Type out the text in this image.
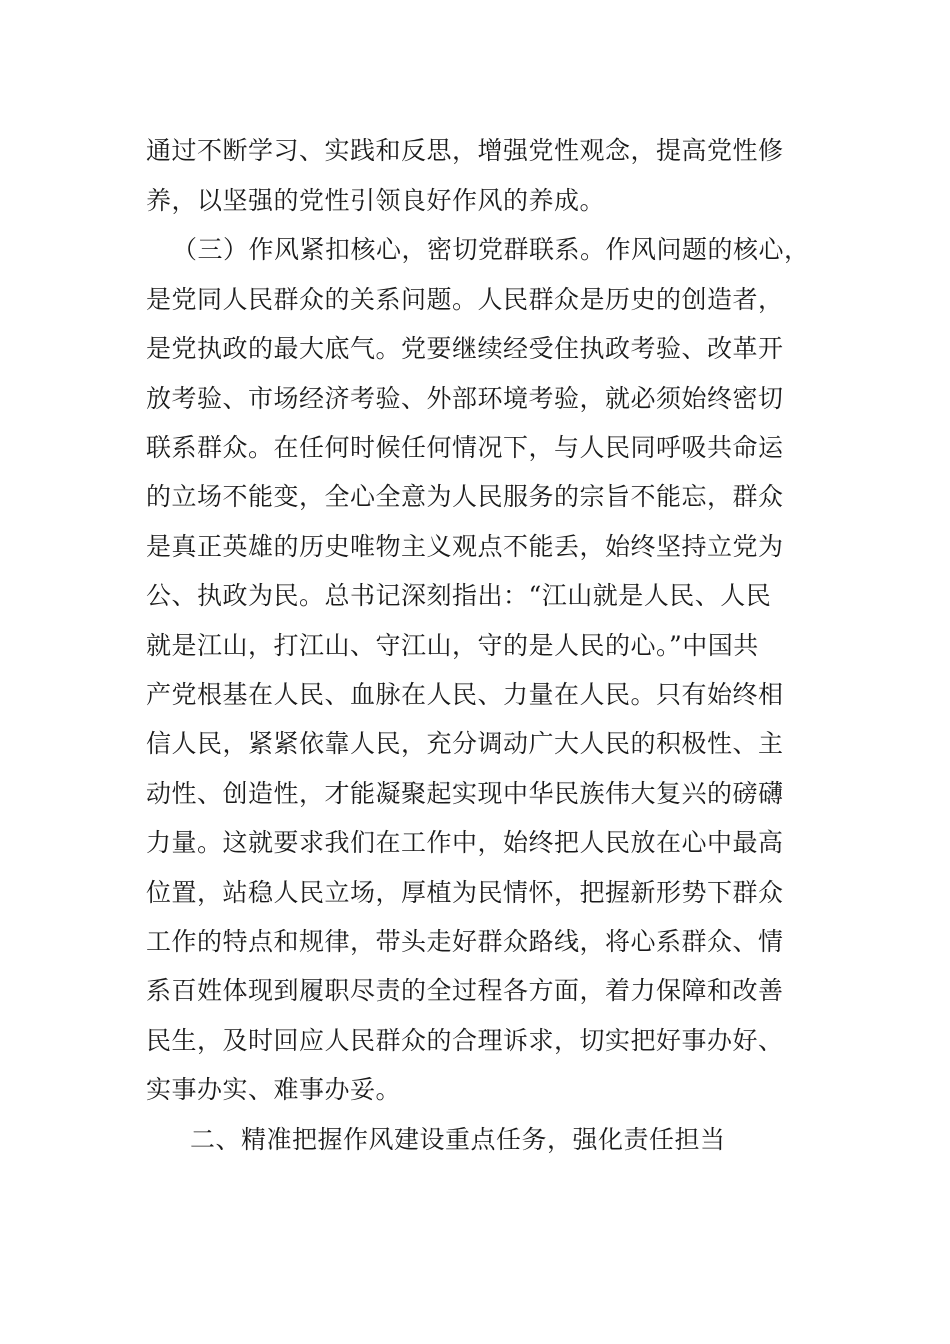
通过不断学习、实践和反思，增强党性观念，提高党性修
养，以坚强的党性引领良好作风的养成。
（三）作风紧扣核心，密切党群联系。作风问题的核心，
是党同人民群众的关系问题。人民群众是历史的创造者，
是党执政的最大底气。党要继续经受住执政考验、改革开
放考验、市场经济考验、外部环境考验，就必须始终密切
联系群众。在任何时候任何情况下，与人民同呼吸共命运
的立场不能变，全心全意为人民服务的宗旨不能忘，群众
是真正英雄的历史唯物主义观点不能丢，始终坚持立党为
公、执政为民。总书记深刻指出：“江山就是人民、人民
就是江山，打江山、守江山，守的是人民的心。”中国共
产党根基在人民、血脉在人民、力量在人民。只有始终相
信人民，紧紧依靠人民，充分调动广大人民的积极性、主
动性、创造性，才能凝聚起实现中华民族伟大复兴的磅礴
力量。这就要求我们在工作中，始终把人民放在心中最高
位置，站稳人民立场，厚植为民情怀，把握新形势下群众
工作的特点和规律，带头走好群众路线，将心系群众、情
系百姓体现到履职尽责的全过程各方面，着力保障和改善
民生，及时回应人民群众的合理诉求，切实把好事办好、
实事办实、难事办妥。
二、精准把握作风建设重点任务，强化责任担当
